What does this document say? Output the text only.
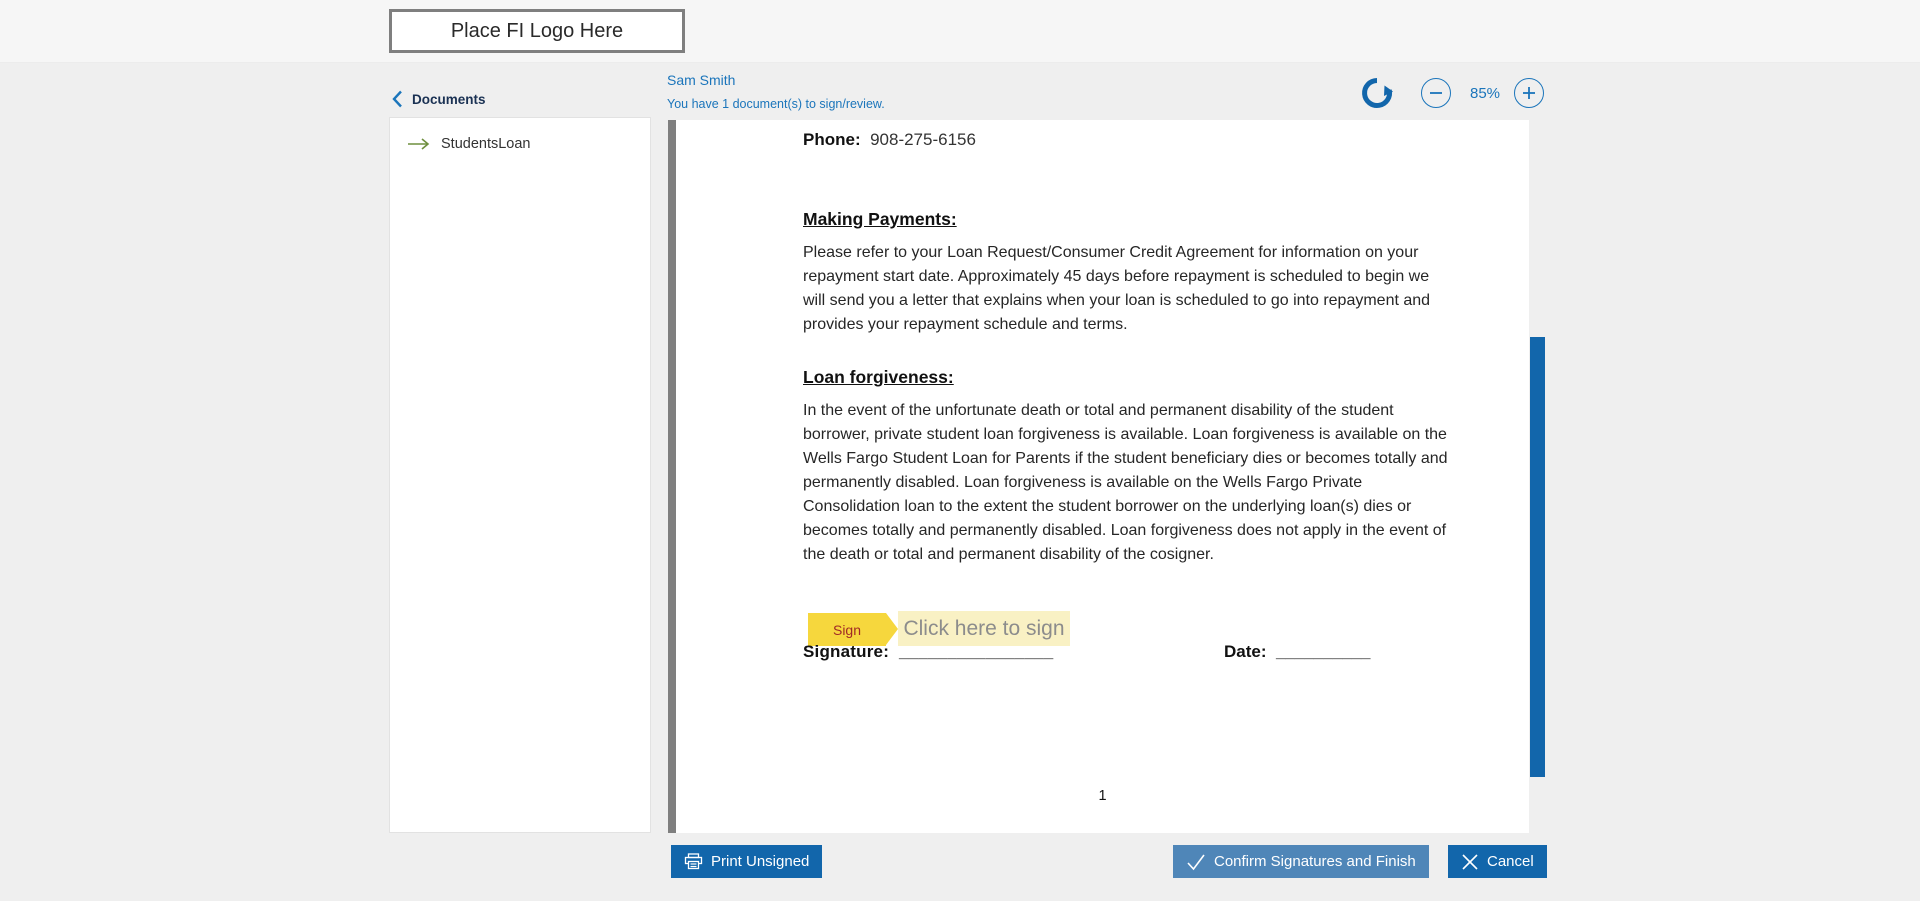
Place FI Logo Here
Sam Smith
You have 1 document(s) to sign/review.
85%
Documents
StudentsLoan	Phone:  908-275-6156
Making Payments:
Please refer to your Loan Request/Consumer Credit Agreement for information on your repayment start date. Approximately 45 days before repayment is scheduled to begin we will send you a letter that explains when your loan is scheduled to go into repayment and provides your repayment schedule and terms.
Loan forgiveness:
In the event of the unfortunate death or total and permanent disability of the student borrower, private student loan forgiveness is available. Loan forgiveness is available on the Wells Fargo Student Loan for Parents if the student beneficiary dies or becomes totally and permanently disabled. Loan forgiveness is available on the Wells Fargo Private Consolidation loan to the extent the student borrower on the underlying loan(s) dies or becomes totally and permanently disabled. Loan forgiveness does not apply in the event of the death or total and permanent disability of the cosigner.
Sign Click here to sign
Signature:  ________________	Date:  __________
1
Print Unsigned	Confirm Signatures and Finish	Cancel
